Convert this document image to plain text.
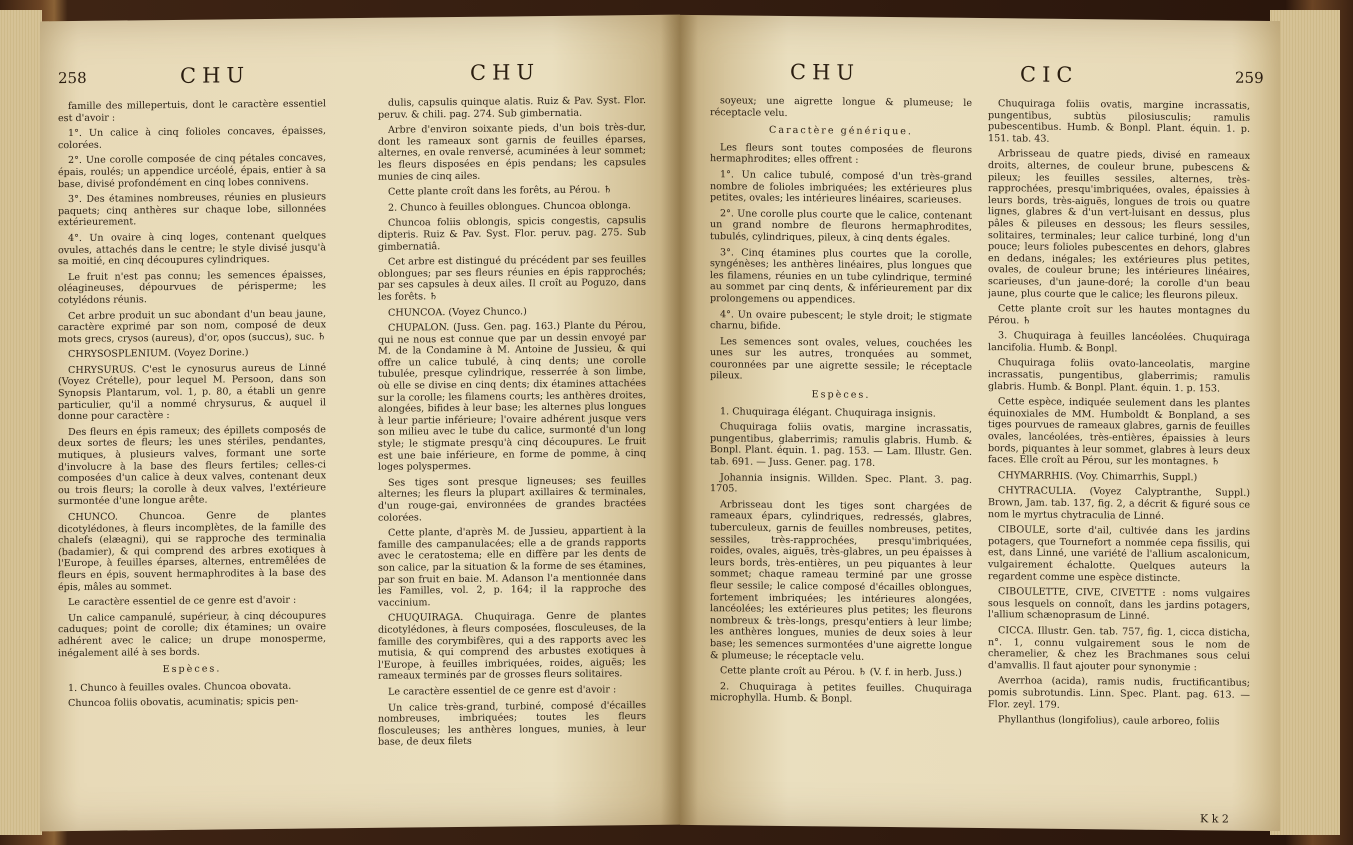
258	CHU	CHU

famille des millepertuis, dont le caractère essentiel est d'avoir :

1°. Un calice à cinq folioles concaves, épaisses, colorées.

2°. Une corolle composée de cinq pétales concaves, épais, roulés; un appendice urcéolé, épais, entier à sa base, divisé profondément en cinq lobes connivens.

3°. Des étamines nombreuses, réunies en plusieurs paquets; cinq anthères sur chaque lobe, sillonnées extérieurement.

4°. Un ovaire à cinq loges, contenant quelques ovules, attachés dans le centre; le style divisé jusqu'à sa moitié, en cinq découpures cylindriques.

Le fruit n'est pas connu; les semences épaisses, oléagineuses, dépourvues de périsperme; les cotylédons réunis.

Cet arbre produit un suc abondant d'un beau jaune, caractère exprimé par son nom, composé de deux mots grecs, crysos (aureus), d'or, opos (succus), suc. ♄

CHRYSOSPLENIUM. (Voyez Dorine.)

CHRYSURUS. C'est le cynosurus aureus de Linné (Voyez Crételle), pour lequel M. Persoon, dans son Synopsis Plantarum, vol. 1, p. 80, a établi un genre particulier, qu'il a nommé chrysurus, & auquel il donne pour caractère :

Des fleurs en épis rameux; des épillets composés de deux sortes de fleurs; les unes stériles, pendantes, mutiques, à plusieurs valves, formant une sorte d'involucre à la base des fleurs fertiles; celles-ci composées d'un calice à deux valves, contenant deux ou trois fleurs; la corolle à deux valves, l'extérieure surmontée d'une longue arête.

CHUNCO. Chuncoa. Genre de plantes dicotylédones, à fleurs incomplètes, de la famille des chalefs (elæagni), qui se rapproche des terminalia (badamier), & qui comprend des arbres exotiques à l'Europe, à feuilles éparses, alternes, entremêlées de fleurs en épis, souvent hermaphrodites à la base des épis, mâles au sommet.

Le caractère essentiel de ce genre est d'avoir :

Un calice campanulé, supérieur, à cinq découpures caduques; point de corolle; dix étamines; un ovaire adhérent avec le calice; un drupe monosperme, inégalement ailé à ses bords.

Espèces.

1. Chunco à feuilles ovales. Chuncoa obovata.

Chuncoa foliis obovatis, acuminatis; spicis pen-

dulis, capsulis quinque alatis. Ruiz & Pav. Syst. Flor. peruv. & chili. pag. 274. Sub gimbernatia.

Arbre d'environ soixante pieds, d'un bois très-dur, dont les rameaux sont garnis de feuilles éparses, alternes, en ovale renversé, acuminées à leur sommet; les fleurs disposées en épis pendans; les capsules munies de cinq ailes.

Cette plante croît dans les forêts, au Pérou. ♄

2. Chunco à feuilles oblongues. Chuncoa oblonga.

Chuncoa foliis oblongis, spicis congestis, capsulis dipteris. Ruiz & Pav. Syst. Flor. peruv. pag. 275. Sub gimbernatiâ.

Cet arbre est distingué du précédent par ses feuilles oblongues; par ses fleurs réunies en épis rapprochés; par ses capsules à deux ailes. Il croît au Poguzo, dans les forêts. ♄

CHUNCOA. (Voyez Chunco.)

CHUPALON. (Juss. Gen. pag. 163.) Plante du Pérou, qui ne nous est connue que par un dessin envoyé par M. de la Condamine à M. Antoine de Jussieu, & qui offre un calice tubulé, à cinq dents; une corolle tubulée, presque cylindrique, resserrée à son limbe, où elle se divise en cinq dents; dix étamines attachées sur la corolle; les filamens courts; les anthères droites, alongées, bifides à leur base; les alternes plus longues à leur partie inférieure; l'ovaire adhérent jusque vers son milieu avec le tube du calice, surmonté d'un long style; le stigmate presqu'à cinq découpures. Le fruit est une baie inférieure, en forme de pomme, à cinq loges polyspermes.

Ses tiges sont presque ligneuses; ses feuilles alternes; les fleurs la plupart axillaires & terminales, d'un rouge-gai, environnées de grandes bractées colorées.

Cette plante, d'après M. de Jussieu, appartient à la famille des campanulacées; elle a de grands rapports avec le ceratostema; elle en diffère par les dents de son calice, par la situation & la forme de ses étamines, par son fruit en baie. M. Adanson l'a mentionnée dans les Familles, vol. 2, p. 164; il la rapproche des vaccinium.

CHUQUIRAGA. Chuquiraga. Genre de plantes dicotylédones, à fleurs composées, flosculeuses, de la famille des corymbifères, qui a des rapports avec les mutisia, & qui comprend des arbustes exotiques à l'Europe, à feuilles imbriquées, roides, aiguës; les rameaux terminés par de grosses fleurs solitaires.

Le caractère essentiel de ce genre est d'avoir :

Un calice très-grand, turbiné, composé d'écailles nombreuses, imbriquées; toutes les fleurs flosculeuses; les anthères longues, munies, à leur base, de deux filets

CHU	CIC	259

soyeux; une aigrette longue & plumeuse; le réceptacle velu.

Caractère générique.

Les fleurs sont toutes composées de fleurons hermaphrodites; elles offrent :

1°. Un calice tubulé, composé d'un très-grand nombre de folioles imbriquées; les extérieures plus petites, ovales; les intérieures linéaires, scarieuses.

2°. Une corolle plus courte que le calice, contenant un grand nombre de fleurons hermaphrodites, tubulés, cylindriques, pileux, à cinq dents égales.

3°. Cinq étamines plus courtes que la corolle, syngénèses; les anthères linéaires, plus longues que les filamens, réunies en un tube cylindrique, terminé au sommet par cinq dents, & inférieurement par dix prolongemens ou appendices.

4°. Un ovaire pubescent; le style droit; le stigmate charnu, bifide.

Les semences sont ovales, velues, couchées les unes sur les autres, tronquées au sommet, couronnées par une aigrette sessile; le réceptacle pileux.

Espèces.

1. Chuquiraga élégant. Chuquiraga insignis.

Chuquiraga foliis ovatis, margine incrassatis, pungentibus, glaberrimis; ramulis glabris. Humb. & Bonpl. Plant. équin. 1. pag. 153. — Lam. Illustr. Gen. tab. 691. — Juss. Gener. pag. 178.

Johannia insignis. Willden. Spec. Plant. 3. pag. 1705.

Arbrisseau dont les tiges sont chargées de rameaux épars, cylindriques, redressés, glabres, tuberculeux, garnis de feuilles nombreuses, petites, sessiles, très-rapprochées, presqu'imbriquées, roides, ovales, aiguës, très-glabres, un peu épaisses à leurs bords, très-entières, un peu piquantes à leur sommet; chaque rameau terminé par une grosse fleur sessile; le calice composé d'écailles oblongues, fortement imbriquées; les intérieures alongées, lancéolées; les extérieures plus petites; les fleurons nombreux & très-longs, presqu'entiers à leur limbe; les anthères longues, munies de deux soies à leur base; les semences surmontées d'une aigrette longue & plumeuse; le réceptacle velu.

Cette plante croît au Pérou. ♄ (V. f. in herb. Juss.)

2. Chuquiraga à petites feuilles. Chuquiraga microphylla. Humb. & Bonpl.

Chuquiraga foliis ovatis, margine incrassatis, pungentibus, subtùs pilosiusculis; ramulis pubescentibus. Humb. & Bonpl. Plant. équin. 1. p. 151. tab. 43.

Arbrisseau de quatre pieds, divisé en rameaux droits, alternes, de couleur brune, pubescens & pileux; les feuilles sessiles, alternes, très-rapprochées, presqu'imbriquées, ovales, épaissies à leurs bords, très-aiguës, longues de trois ou quatre lignes, glabres & d'un vert-luisant en dessus, plus pâles & pileuses en dessous; les fleurs sessiles, solitaires, terminales; leur calice turbiné, long d'un pouce; leurs folioles pubescentes en dehors, glabres en dedans, inégales; les extérieures plus petites, ovales, de couleur brune; les intérieures linéaires, scarieuses, d'un jaune-doré; la corolle d'un beau jaune, plus courte que le calice; les fleurons pileux.

Cette plante croît sur les hautes montagnes du Pérou. ♄

3. Chuquiraga à feuilles lancéolées. Chuquiraga lancifolia. Humb. & Bonpl.

Chuquiraga foliis ovato-lanceolatis, margine incrassatis, pungentibus, glaberrimis; ramulis glabris. Humb. & Bonpl. Plant. équin. 1. p. 153.

Cette espèce, indiquée seulement dans les plantes équinoxiales de MM. Humboldt & Bonpland, a ses tiges pourvues de rameaux glabres, garnis de feuilles ovales, lancéolées, très-entières, épaissies à leurs bords, piquantes à leur sommet, glabres à leurs deux faces. Elle croît au Pérou, sur les montagnes. ♄

CHYMARRHIS. (Voy. Chimarrhis, Suppl.)

CHYTRACULIA. (Voyez Calyptranthe, Suppl.) Brown, Jam. tab. 137, fig. 2, a décrit & figuré sous ce nom le myrtus chytraculia de Linné.

CIBOULE, sorte d'ail, cultivée dans les jardins potagers, que Tournefort a nommée cepa fissilis, qui est, dans Linné, une variété de l'allium ascalonicum, vulgairement échalotte. Quelques auteurs la regardent comme une espèce distincte.

CIBOULETTE, CIVE, CIVETTE : noms vulgaires sous lesquels on connoît, dans les jardins potagers, l'allium schænoprasum de Linné.

CICCA. Illustr. Gen. tab. 757, fig. 1, cicca disticha, n°. 1, connu vulgairement sous le nom de cheramelier, & chez les Brachmanes sous celui d'amvallis. Il faut ajouter pour synonymie :

Averrhoa (acida), ramis nudis, fructificantibus; pomis subrotundis. Linn. Spec. Plant. pag. 613. — Flor. zeyl. 179.

Phyllanthus (longifolius), caule arboreo, foliis

K k 2
